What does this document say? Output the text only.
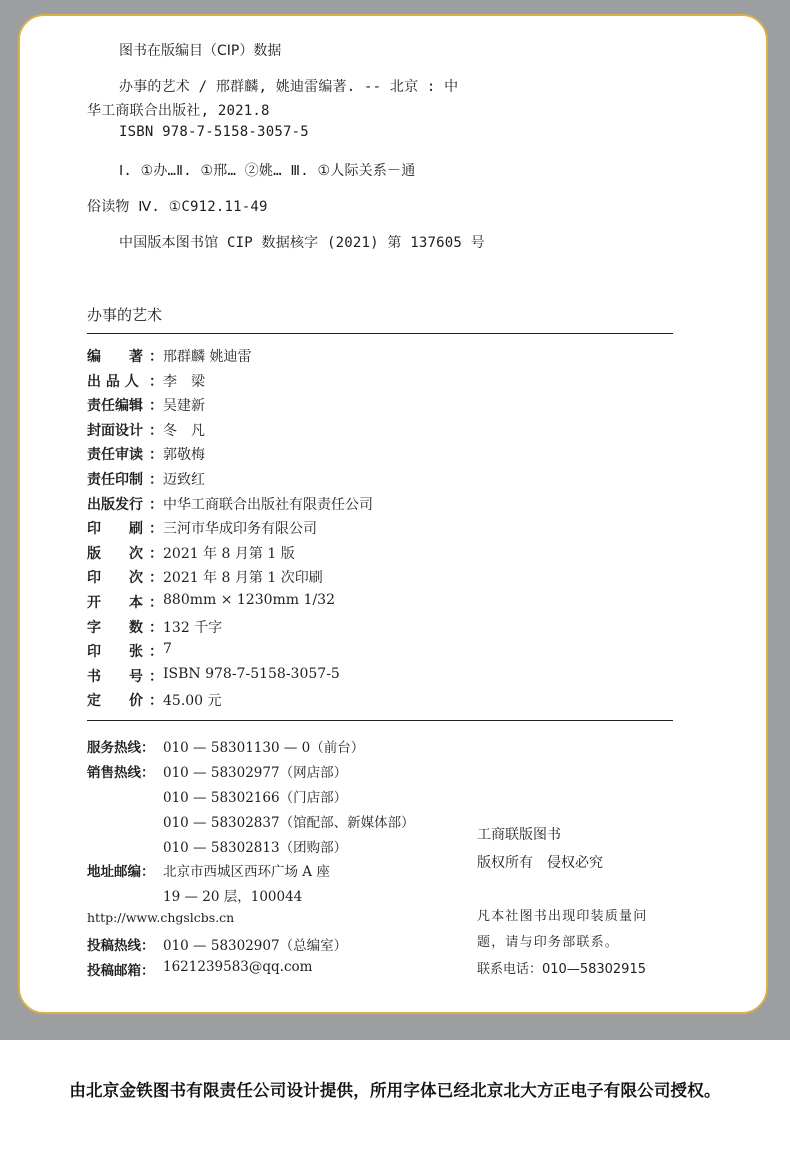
图书在版编目（CIP）数据
办事的艺术 / 邢群麟, 姚迪雷编著. -- 北京 : 中
华工商联合出版社, 2021.8
ISBN 978-7-5158-3057-5
Ⅰ. ①办…Ⅱ. ①邢… ②姚… Ⅲ. ①人际关系－通
俗读物 Ⅳ. ①C912.11-49
中国版本图书馆 CIP 数据核字 (2021) 第 137605 号
办事的艺术
编　　著 ： 邢群麟 姚迪雷
出 品 人 ： 李　梁
责任编辑 ： 吴建新
封面设计 ： 冬　凡
责任审读 ： 郭敬梅
责任印制 ： 迈致红
出版发行 ： 中华工商联合出版社有限责任公司
印　　刷 ： 三河市华成印务有限公司
版　　次 ： 2021 年 8 月第 1 版
印　　次 ： 2021 年 8 月第 1 次印刷
开　　本 ： 880mm × 1230mm 1/32
字　　数 ： 132 千字
印　　张 ： 7
书　　号 ： ISBN 978-7-5158-3057-5
定　　价 ： 45.00 元
服务热线： 010 — 58301130 — 0（前台）
销售热线： 010 — 58302977（网店部）
010 — 58302166（门店部）
010 — 58302837（馆配部、新媒体部）
010 — 58302813（团购部）
地址邮编： 北京市西城区西环广场 A 座
19 — 20 层，100044
http://www.chgslcbs.cn
投稿热线： 010 — 58302907（总编室）
投稿邮箱： 1621239583@qq.com
工商联版图书
版权所有　侵权必究
凡本社图书出现印装质量问
题，请与印务部联系。
联系电话：010—58302915
由北京金铁图书有限责任公司设计提供，所用字体已经北京北大方正电子有限公司授权。
